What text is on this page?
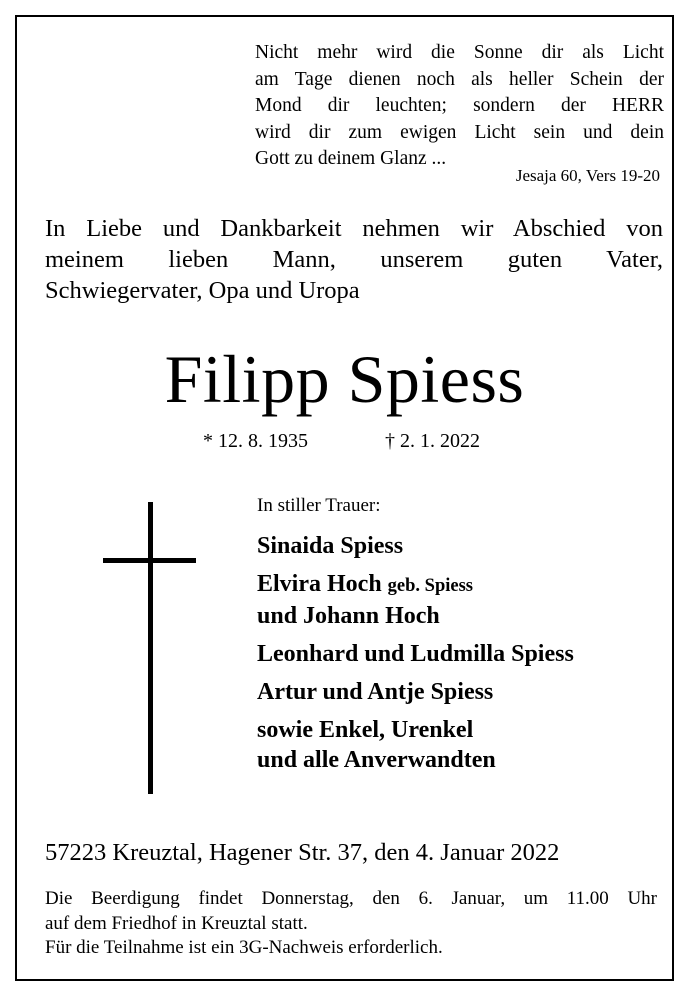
Nicht mehr wird die Sonne dir als Licht
am Tage dienen noch als heller Schein der
Mond dir leuchten; sondern der HERR
wird dir zum ewigen Licht sein und dein
Gott zu deinem Glanz ...
Jesaja 60, Vers 19-20
In Liebe und Dankbarkeit nehmen wir Abschied von
meinem lieben Mann, unserem guten Vater,
Schwiegervater, Opa und Uropa
Filipp Spiess
* 12. 8. 1935	† 2. 1. 2022
In stiller Trauer:
Sinaida Spiess
Elvira Hoch geb. Spiess
und Johann Hoch
Leonhard und Ludmilla Spiess
Artur und Antje Spiess
sowie Enkel, Urenkel
und alle Anverwandten
57223 Kreuztal, Hagener Str. 37, den 4. Januar 2022
Die Beerdigung findet Donnerstag, den 6. Januar, um 11.00 Uhr
auf dem Friedhof in Kreuztal statt.
Für die Teilnahme ist ein 3G-Nachweis erforderlich.
